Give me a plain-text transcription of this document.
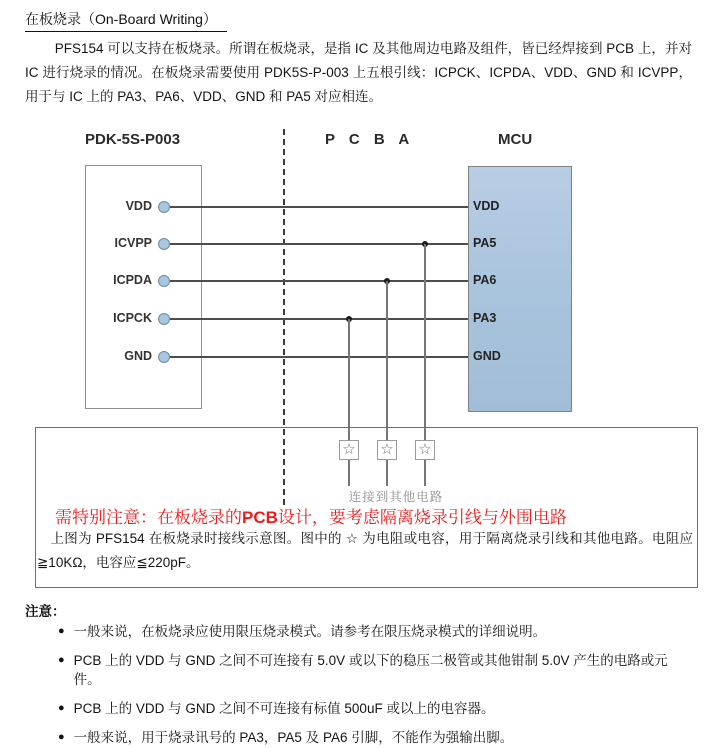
在板烧录（On-Board Writing）
PFS154 可以支持在板烧录。所谓在板烧录，是指 IC 及其他周边电路及组件，皆已经焊接到 PCB 上，并对 IC 进行烧录的情况。在板烧录需要使用 PDK5S-P-003 上五根引线：ICPCK、ICPDA、VDD、GND 和 ICVPP，用于与 IC 上的 PA3、PA6、VDD、GND 和 PA5 对应相连。
PDK-5S-P003	P C B A	MCU
VDD
ICVPP
ICPDA
ICPCK
GND
VDD
PA5
PA6
PA3
GND
☆ ☆ ☆
连接到其他电路
需特别注意：在板烧录的PCB设计，要考虑隔离烧录引线与外围电路
上图为 PFS154 在板烧录时接线示意图。图中的 ☆ 为电阻或电容，用于隔离烧录引线和其他电路。电阻应≧10KΩ，电容应≦220pF。
注意：
● 一般来说，在板烧录应使用限压烧录模式。请参考在限压烧录模式的详细说明。
● PCB 上的 VDD 与 GND 之间不可连接有 5.0V 或以下的稳压二极管或其他钳制 5.0V 产生的电路或元件。
● PCB 上的 VDD 与 GND 之间不可连接有标值 500uF 或以上的电容器。
● 一般来说，用于烧录讯号的 PA3，PA5 及 PA6 引脚，不能作为强输出脚。
